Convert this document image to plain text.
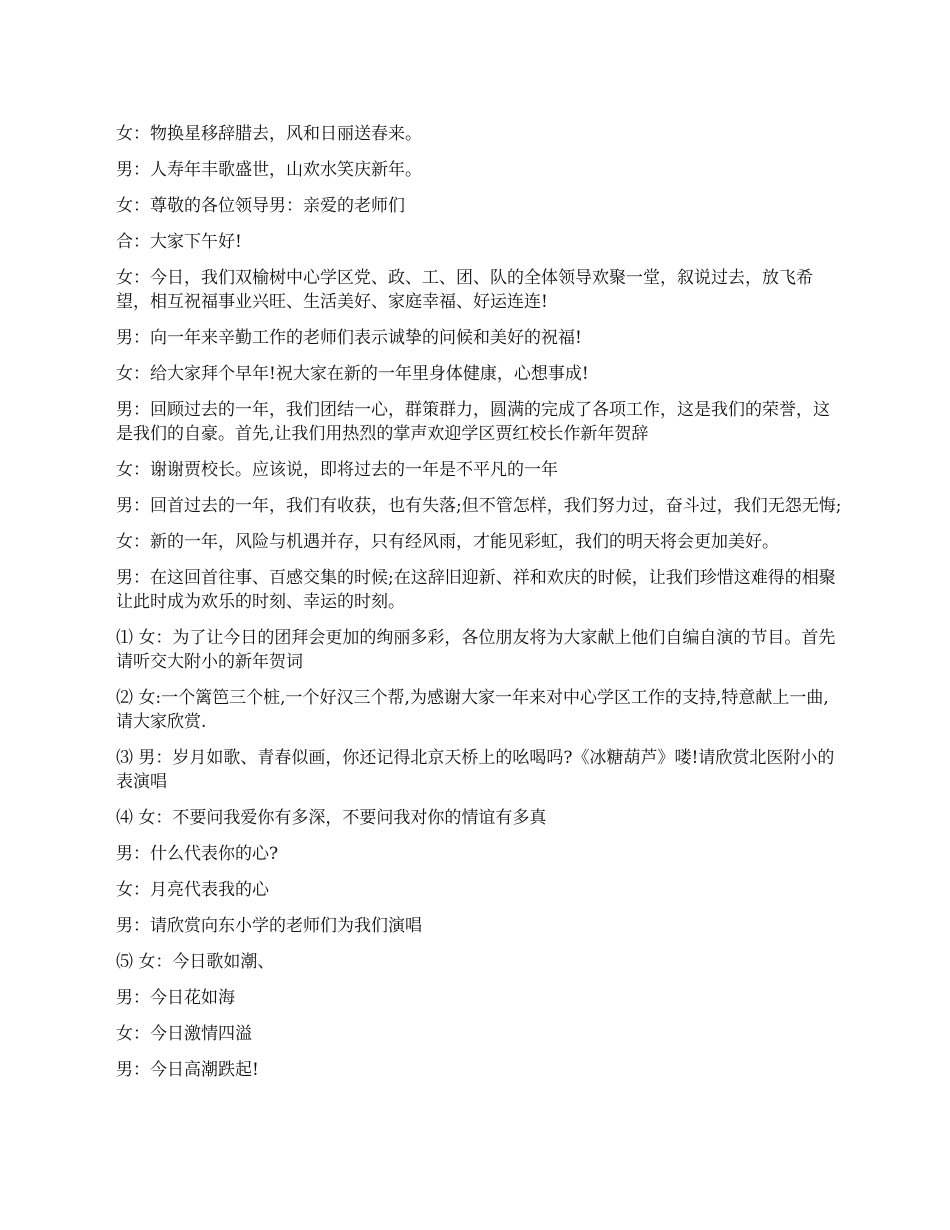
女：物换星移辞腊去，风和日丽送春来。

男：人寿年丰歌盛世，山欢水笑庆新年。

女：尊敬的各位领导男：亲爱的老师们

合：大家下午好!

女：今日，我们双榆树中心学区党、政、工、团、队的全体领导欢聚一堂，叙说过去，放飞希望，相互祝福事业兴旺、生活美好、家庭幸福、好运连连!

男：向一年来辛勤工作的老师们表示诚挚的问候和美好的祝福!

女：给大家拜个早年!祝大家在新的一年里身体健康，心想事成!

男：回顾过去的一年，我们团结一心，群策群力，圆满的完成了各项工作，这是我们的荣誉，这是我们的自豪。首先,让我们用热烈的掌声欢迎学区贾红校长作新年贺辞

女：谢谢贾校长。应该说，即将过去的一年是不平凡的一年

男：回首过去的一年，我们有收获，也有失落;但不管怎样，我们努力过，奋斗过，我们无怨无悔;

女：新的一年，风险与机遇并存，只有经风雨，才能见彩虹，我们的明天将会更加美好。

男：在这回首往事、百感交集的时候;在这辞旧迎新、祥和欢庆的时候，让我们珍惜这难得的相聚让此时成为欢乐的时刻、幸运的时刻。

⑴ 女：为了让今日的团拜会更加的绚丽多彩，各位朋友将为大家献上他们自编自演的节目。首先请听交大附小的新年贺词

⑵ 女:一个篱笆三个桩,一个好汉三个帮,为感谢大家一年来对中心学区工作的支持,特意献上一曲,请大家欣赏.

⑶ 男：岁月如歌、青春似画，你还记得北京天桥上的吆喝吗?《冰糖葫芦》喽!请欣赏北医附小的表演唱

⑷ 女：不要问我爱你有多深，不要问我对你的情谊有多真

男：什么代表你的心?

女：月亮代表我的心

男：请欣赏向东小学的老师们为我们演唱

⑸ 女：今日歌如潮、

男：今日花如海

女：今日激情四溢

男：今日高潮跌起!
